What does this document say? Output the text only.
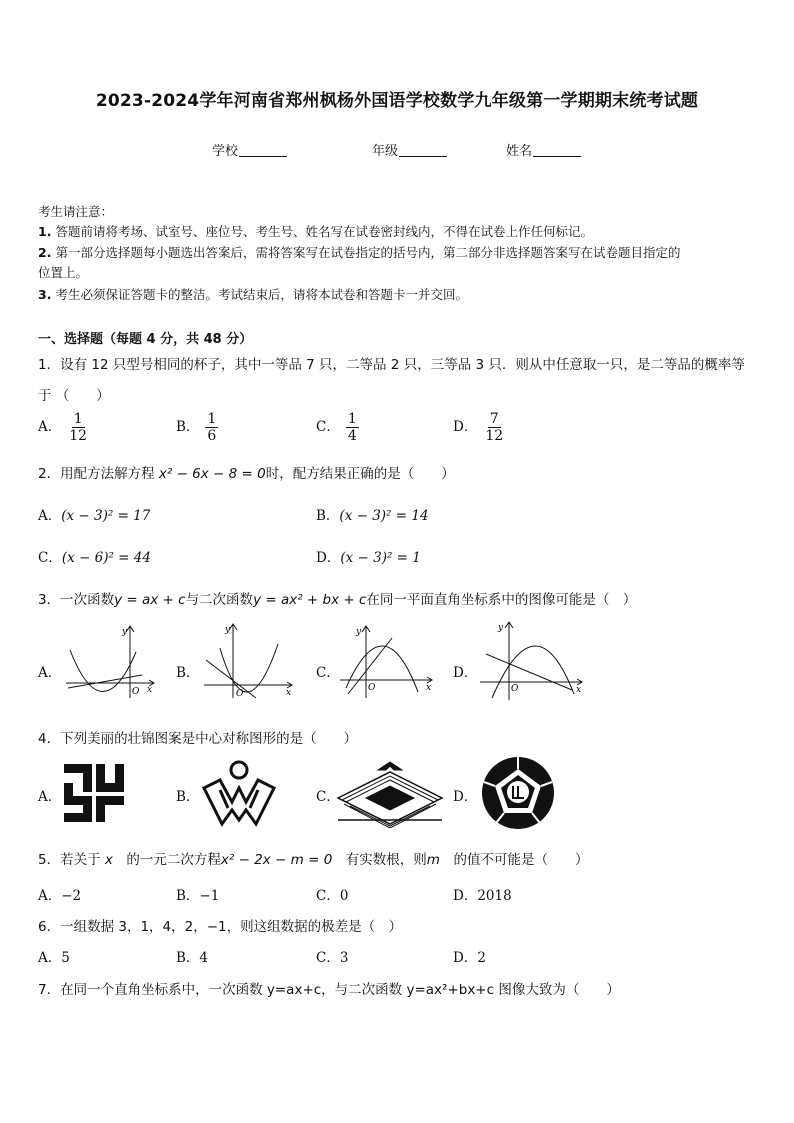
2023-2024学年河南省郑州枫杨外国语学校数学九年级第一学期期末统考试题
学校	年级	姓名
考生请注意：
1. 答题前请将考场、试室号、座位号、考生号、姓名写在试卷密封线内，不得在试卷上作任何标记。
2. 第一部分选择题每小题选出答案后，需将答案写在试卷指定的括号内，第二部分非选择题答案写在试卷题目指定的
位置上。
3. 考生必须保证答题卡的整洁。考试结束后，请将本试卷和答题卡一并交回。
一、选择题（每题 4 分，共 48 分）
1．设有 12 只型号相同的杯子，其中一等品 7 只，二等品 2 只，三等品 3 只．则从中任意取一只，是二等品的概率等
于 （　　）
A． $\frac{1}{12}$	B． $\frac{1}{6}$	C． $\frac{1}{4}$	D． $\frac{7}{12}$
2．用配方法解方程 x² − 6x − 8 = 0时，配方结果正确的是（　　）
A．(x − 3)² = 17	B．(x − 3)² = 14
C．(x − 6)² = 44	D．(x − 3)² = 1
3．一次函数y = ax + c与二次函数y = ax² + bx + c在同一平面直角坐标系中的图像可能是（　）
A．	B．	C．	D．
y
x
O
y
x
O
y
x
O
y
x
O
4．下列美丽的壮锦图案是中心对称图形的是（　　）
A．	B．	C．	D．
5．若关于 x　 的一元二次方程x² − 2x − m = 0　 有实数根，则m　 的值不可能是（　　）
A．−2	B．−1	C．0	D．2018
6．一组数据 3，1，4，2，−1，则这组数据的极差是（　）
A．5	B．4	C．3	D．2
7．在同一个直角坐标系中，一次函数 y=ax+c，与二次函数 y=ax²+bx+c 图像大致为（　　）
